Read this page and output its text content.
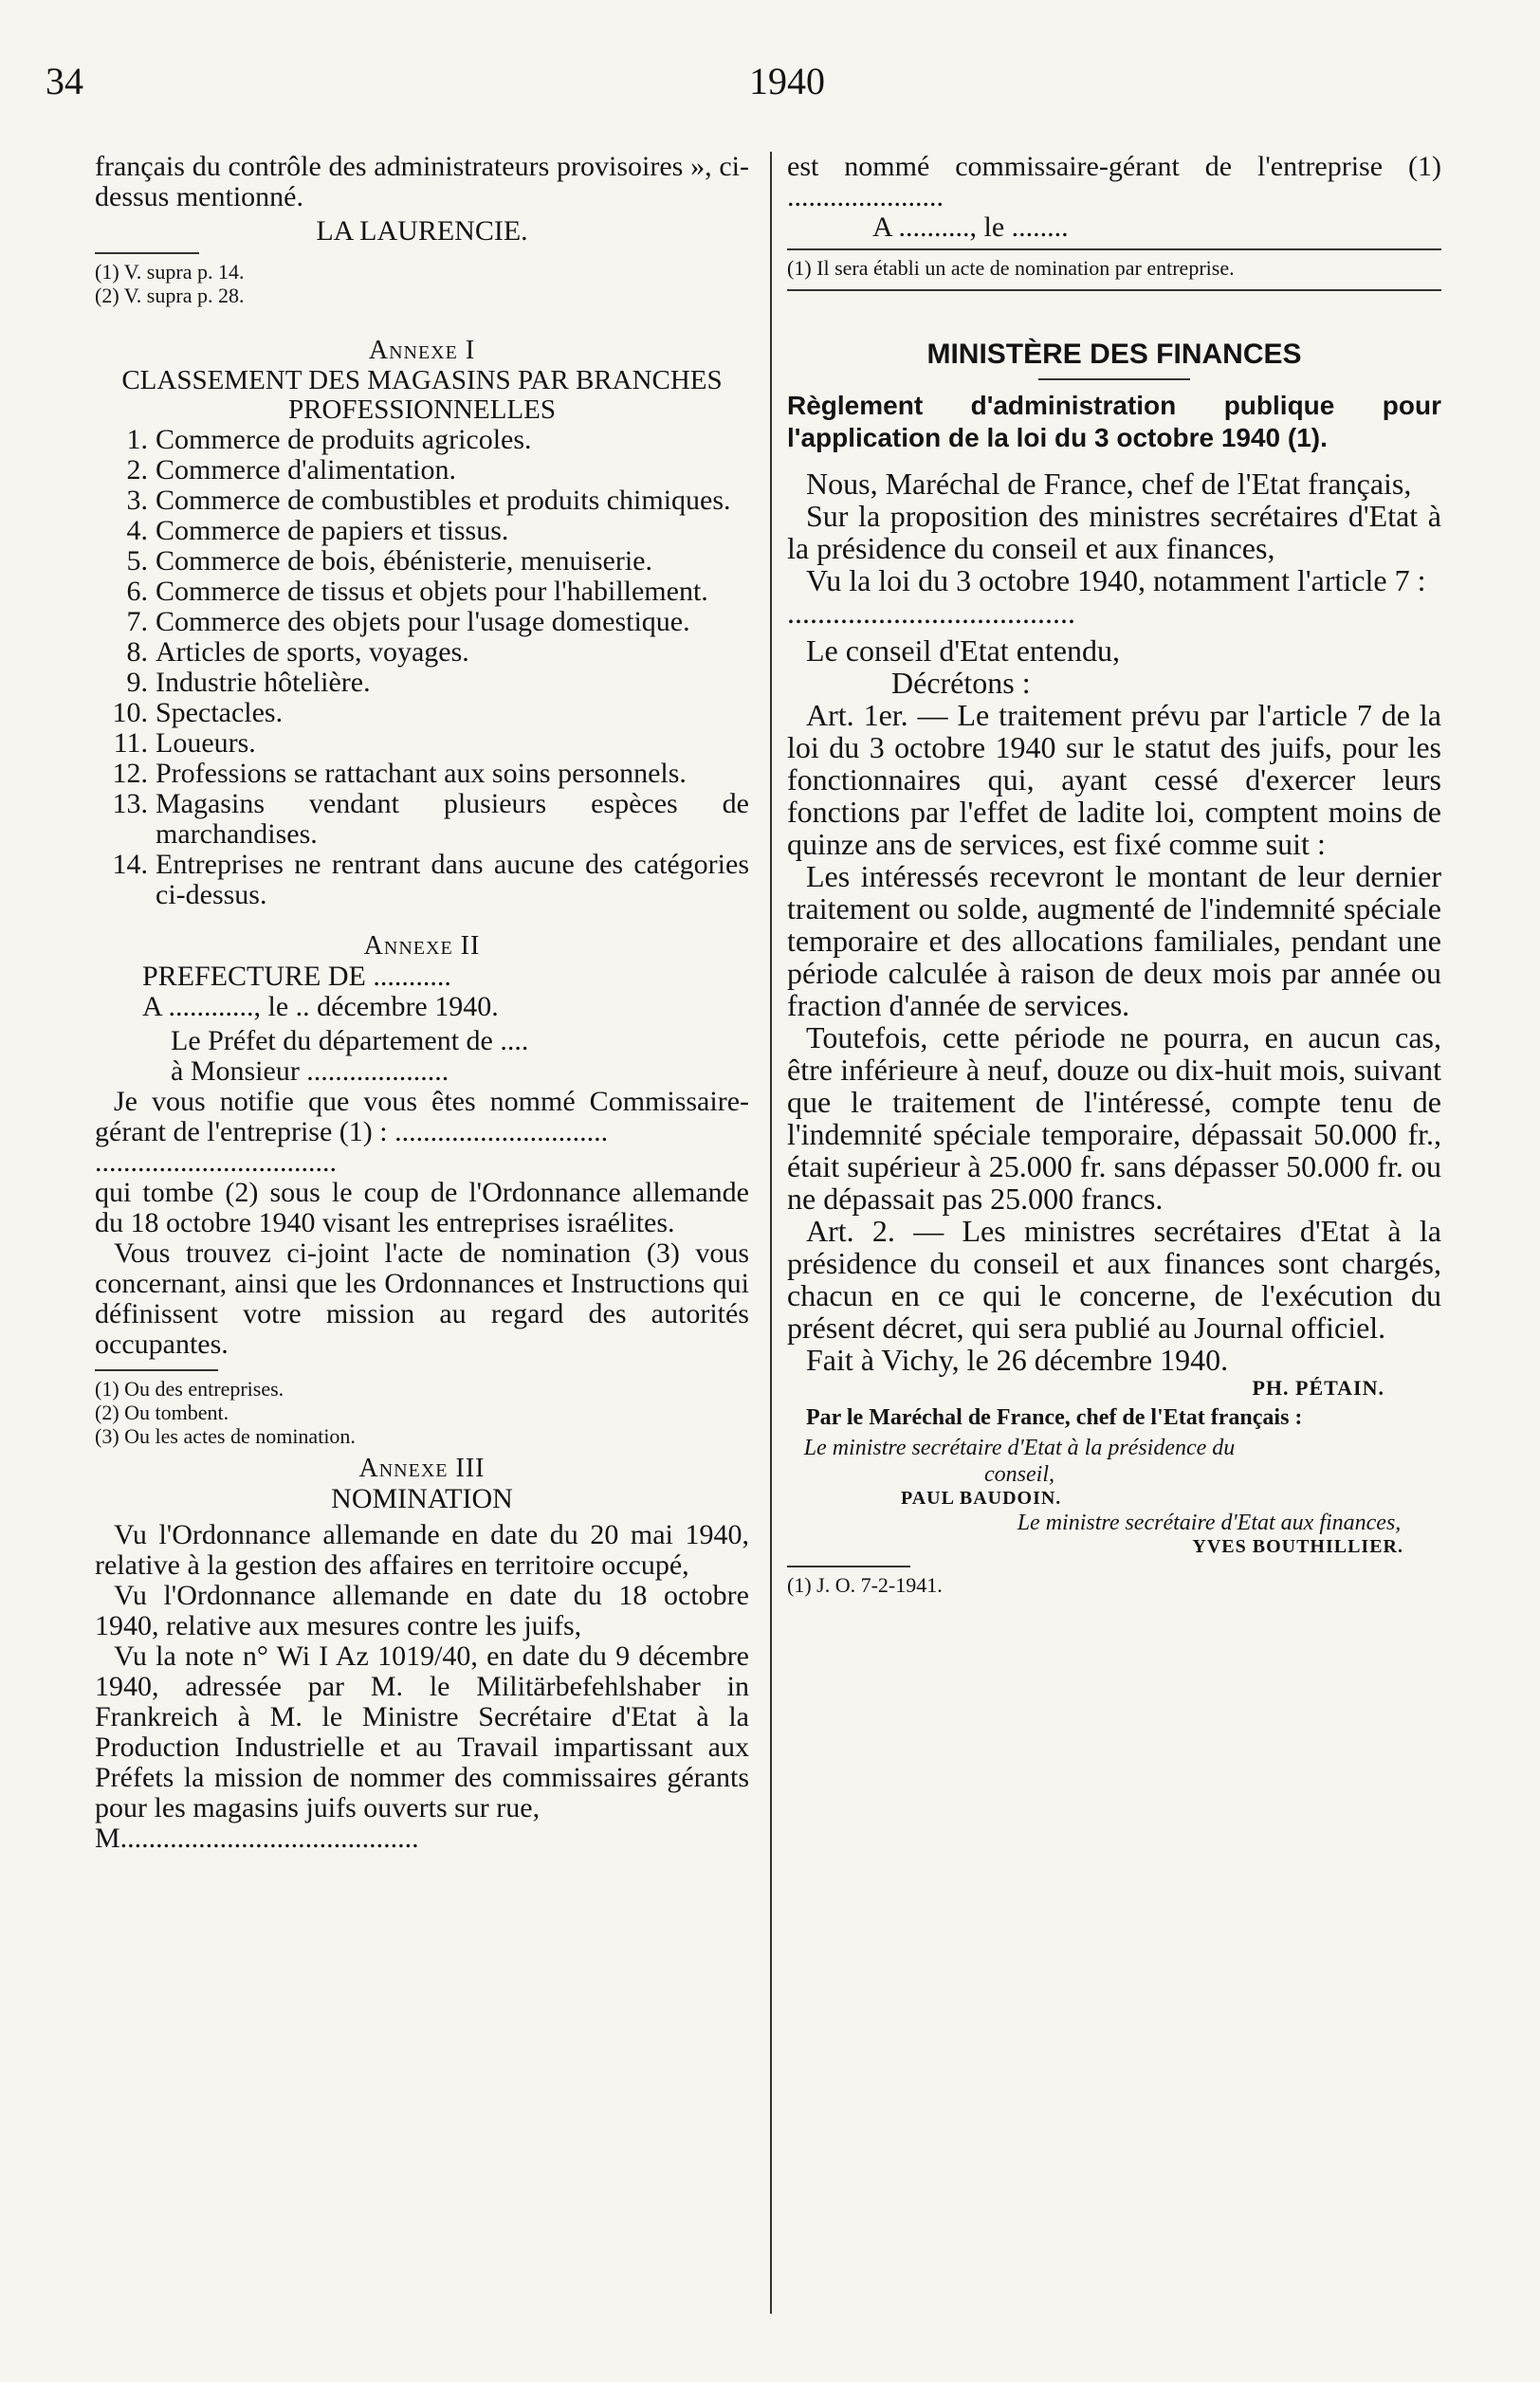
34	1940

français du contrôle des administrateurs provisoires », ci-dessus mentionné.

LA LAURENCIE.

(1) V. supra p. 14.

(2) V. supra p. 28.

Annexe I

CLASSEMENT DES MAGASINS PAR BRANCHES PROFESSIONNELLES

1. Commerce de produits agricoles.
2. Commerce d'alimentation.
3. Commerce de combustibles et produits chimiques.
4. Commerce de papiers et tissus.
5. Commerce de bois, ébénisterie, menuiserie.
6. Commerce de tissus et objets pour l'habillement.
7. Commerce des objets pour l'usage domestique.
8. Articles de sports, voyages.
9. Industrie hôtelière.
10. Spectacles.
11. Loueurs.
12. Professions se rattachant aux soins personnels.
13. Magasins vendant plusieurs espèces de marchandises.
14. Entreprises ne rentrant dans aucune des catégories ci-dessus.

Annexe II

PREFECTURE DE ...........

A ............, le .. décembre 1940.

Le Préfet du département de ....

à Monsieur ....................

Je vous notifie que vous êtes nommé Commissaire-gérant de l'entreprise (1) : ..............................

..................................

qui tombe (2) sous le coup de l'Ordonnance allemande du 18 octobre 1940 visant les entreprises israélites.

Vous trouvez ci-joint l'acte de nomination (3) vous concernant, ainsi que les Ordonnances et Instructions qui définissent votre mission au regard des autorités occupantes.

(1) Ou des entreprises.

(2) Ou tombent.

(3) Ou les actes de nomination.

Annexe III

NOMINATION

Vu l'Ordonnance allemande en date du 20 mai 1940, relative à la gestion des affaires en territoire occupé,

Vu l'Ordonnance allemande en date du 18 octobre 1940, relative aux mesures contre les juifs,

Vu la note n° Wi I Az 1019/40, en date du 9 décembre 1940, adressée par M. le Militärbefehlshaber in Frankreich à M. le Ministre Secrétaire d'Etat à la Production Industrielle et au Travail impartissant aux Préfets la mission de nommer des commissaires gérants pour les magasins juifs ouverts sur rue,

M..........................................

est nommé commissaire-gérant de l'entreprise (1) ......................

A .........., le ........

(1) Il sera établi un acte de nomination par entreprise.

MINISTÈRE DES FINANCES

Règlement d'administration publique pour l'application de la loi du 3 octobre 1940 (1).

Nous, Maréchal de France, chef de l'Etat français,

Sur la proposition des ministres secrétaires d'Etat à la présidence du conseil et aux finances,

Vu la loi du 3 octobre 1940, notamment l'article 7 :

......................................

Le conseil d'Etat entendu,

Décrétons :

Art. 1er. — Le traitement prévu par l'article 7 de la loi du 3 octobre 1940 sur le statut des juifs, pour les fonctionnaires qui, ayant cessé d'exercer leurs fonctions par l'effet de ladite loi, comptent moins de quinze ans de services, est fixé comme suit :

Les intéressés recevront le montant de leur dernier traitement ou solde, augmenté de l'indemnité spéciale temporaire et des allocations familiales, pendant une période calculée à raison de deux mois par année ou fraction d'année de services.

Toutefois, cette période ne pourra, en aucun cas, être inférieure à neuf, douze ou dix-huit mois, suivant que le traitement de l'intéressé, compte tenu de l'indemnité spéciale temporaire, dépassait 50.000 fr., était supérieur à 25.000 fr. sans dépasser 50.000 fr. ou ne dépassait pas 25.000 francs.

Art. 2. — Les ministres secrétaires d'Etat à la présidence du conseil et aux finances sont chargés, chacun en ce qui le concerne, de l'exécution du présent décret, qui sera publié au Journal officiel.

Fait à Vichy, le 26 décembre 1940.

PH. PÉTAIN.

Par le Maréchal de France, chef de l'Etat français :

Le ministre secrétaire d'Etat à la présidence du conseil,

PAUL BAUDOIN.

Le ministre secrétaire d'Etat aux finances,

YVES BOUTHILLIER.

(1) J. O. 7-2-1941.
